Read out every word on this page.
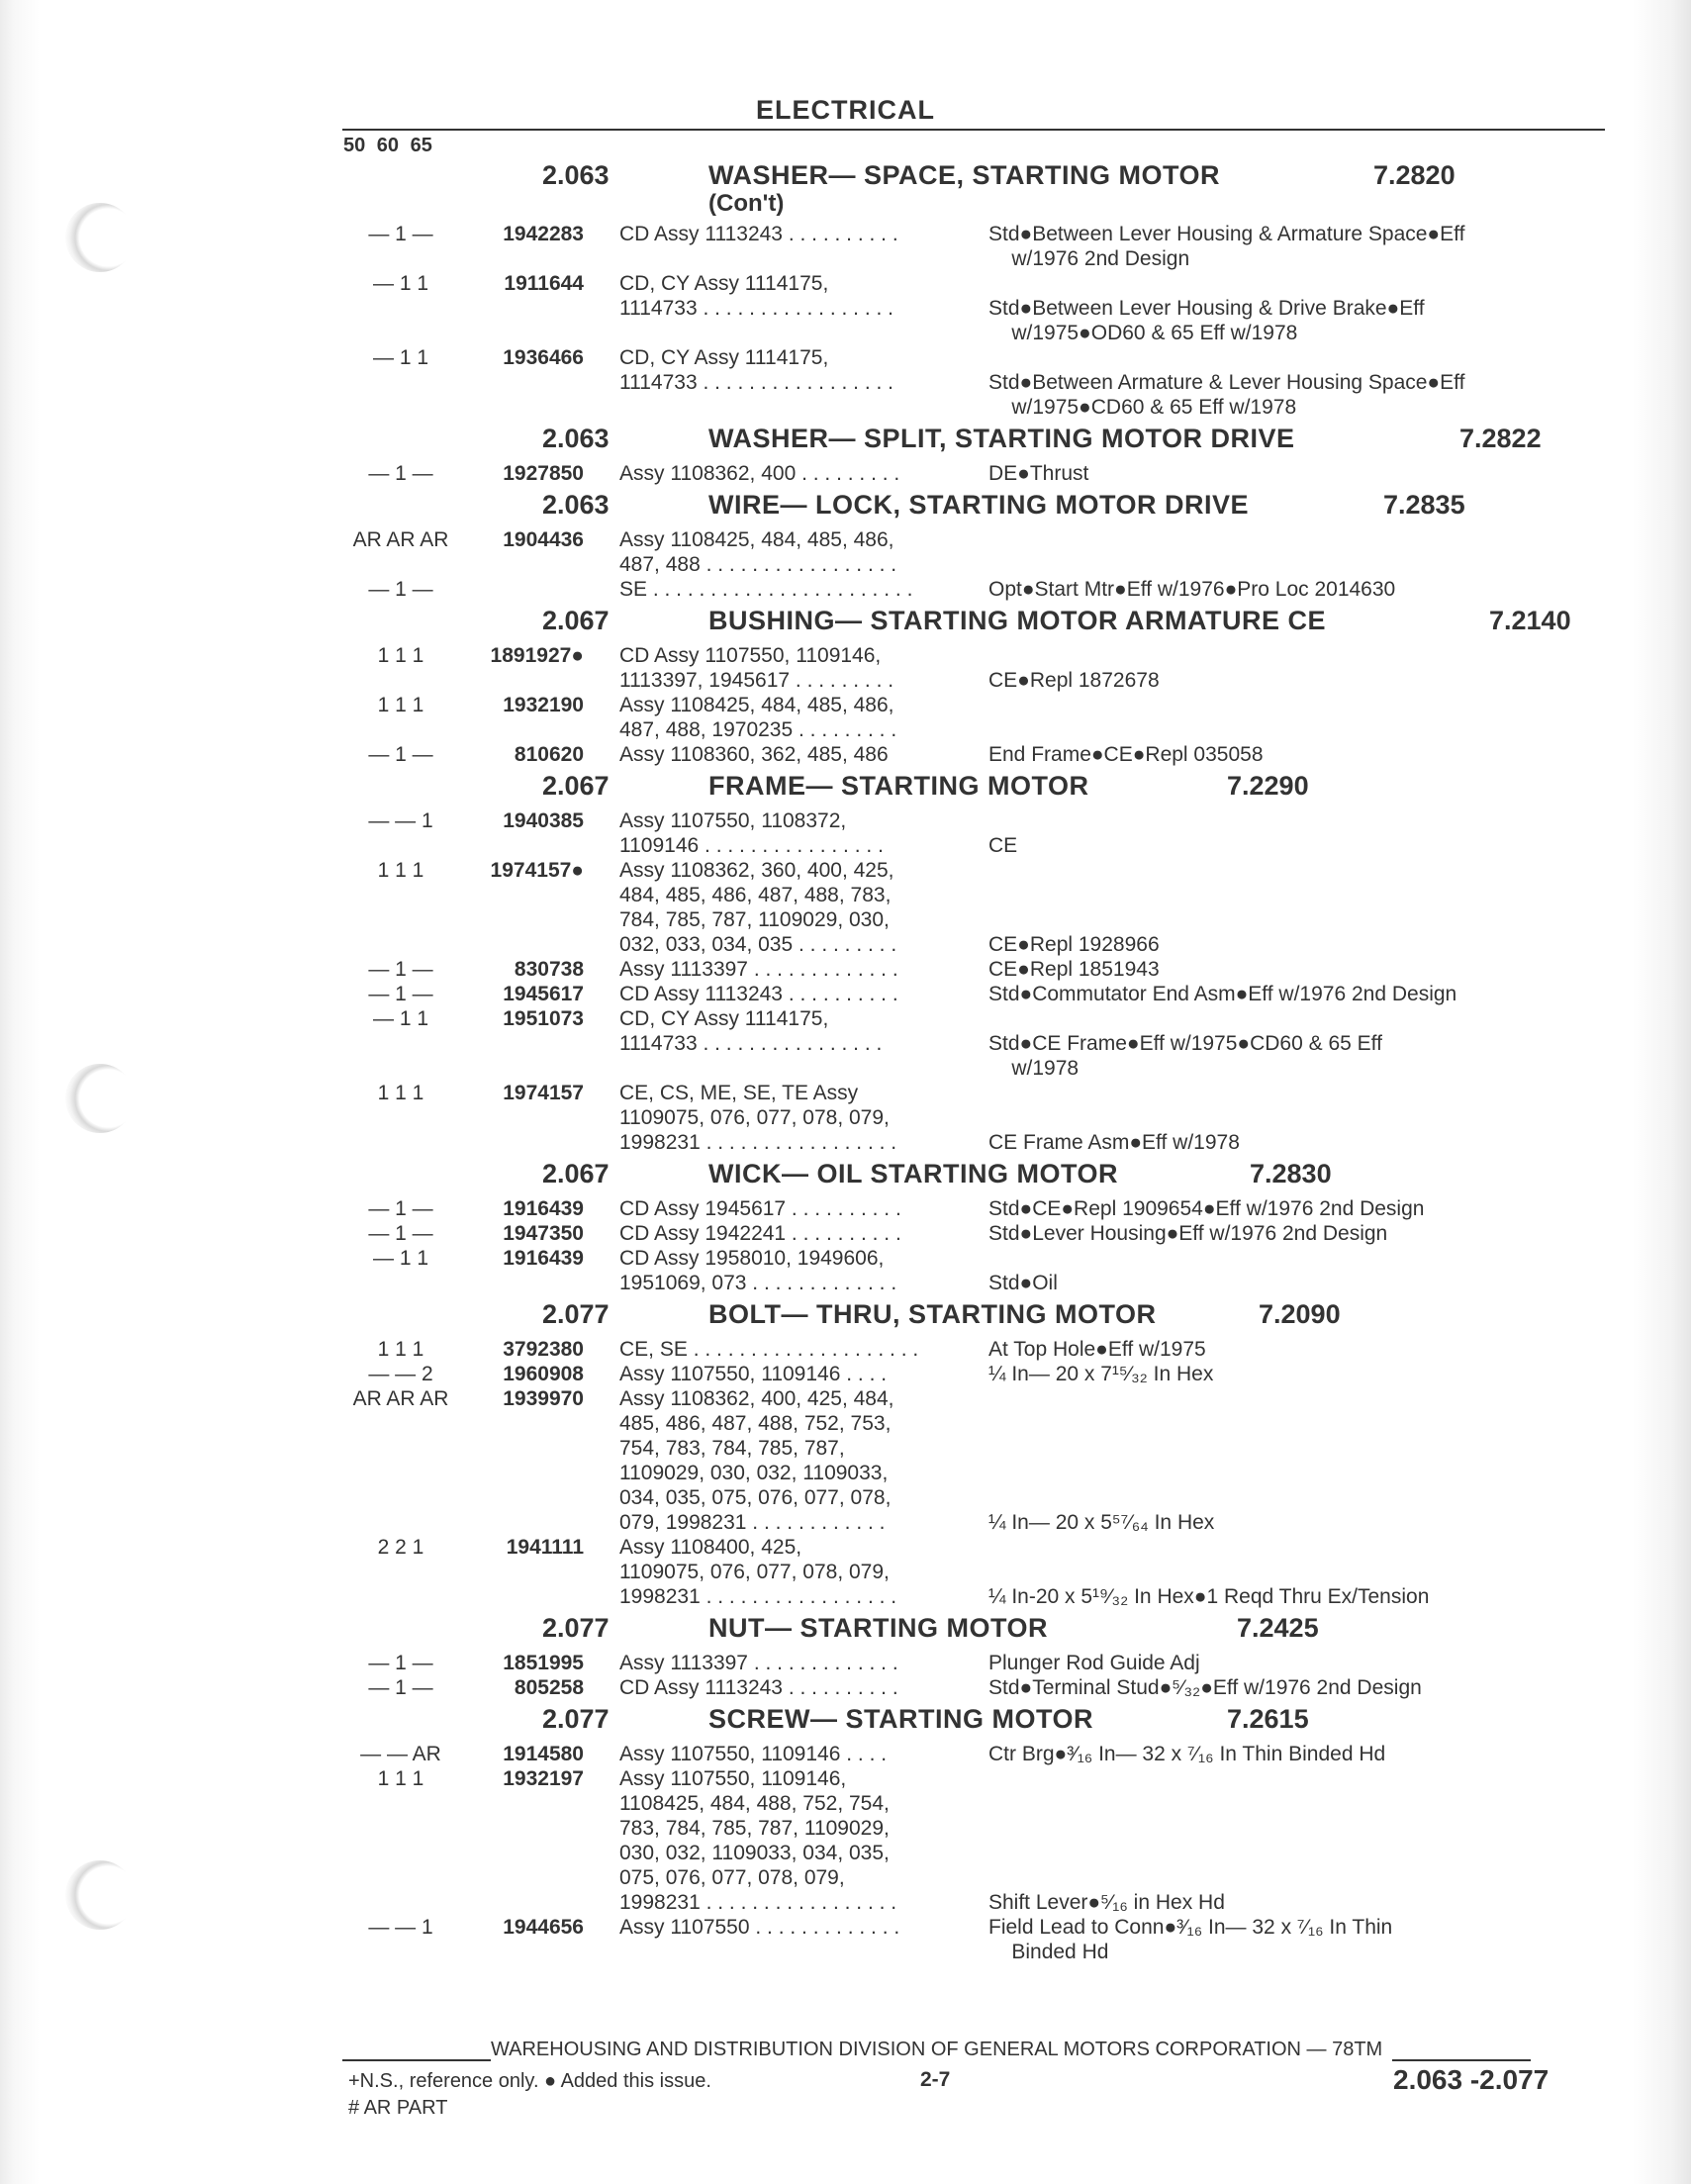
ELECTRICAL
50 60 65
2.063	WASHER— SPACE, STARTING MOTOR
(Con't)
7.2820
— 1 —	1942283	CD Assy 1113243 . . . . . . . . . .	Std●Between Lever Housing & Armature Space●Eff
w/1976 2nd Design
— 1 1	1911644	CD, CY Assy 1114175,
1114733 . . . . . . . . . . . . . . . . .	
Std●Between Lever Housing & Drive Brake●Eff
w/1975●OD60 & 65 Eff w/1978
— 1 1	1936466	CD, CY Assy 1114175,
1114733 . . . . . . . . . . . . . . . . .	
Std●Between Armature & Lever Housing Space●Eff
w/1975●CD60 & 65 Eff w/1978
2.063	WASHER— SPLIT, STARTING MOTOR DRIVE	7.2822
— 1 —	1927850	Assy 1108362, 400 . . . . . . . . .	DE●Thrust
2.063	WIRE— LOCK, STARTING MOTOR DRIVE	7.2835
AR AR AR	1904436	Assy 1108425, 484, 485, 486,
487, 488 . . . . . . . . . . . . . . . . .
— 1 —	SE . . . . . . . . . . . . . . . . . . . . . . .	Opt●Start Mtr●Eff w/1976●Pro Loc 2014630
2.067	BUSHING— STARTING MOTOR ARMATURE CE	7.2140
1 1 1	1891927●	CD Assy 1107550, 1109146,
1113397, 1945617 . . . . . . . . .	
CE●Repl 1872678
1 1 1	1932190	Assy 1108425, 484, 485, 486,
487, 488, 1970235 . . . . . . . . .
— 1 —	810620	Assy 1108360, 362, 485, 486	End Frame●CE●Repl 035058
2.067	FRAME— STARTING MOTOR	7.2290
— — 1	1940385	Assy 1107550, 1108372,
1109146 . . . . . . . . . . . . . . . .	
CE
1 1 1	1974157●	Assy 1108362, 360, 400, 425,
484, 485, 486, 487, 488, 783,
784, 785, 787, 1109029, 030,
032, 033, 034, 035 . . . . . . . . .	

CE●Repl 1928966
— 1 —	830738	Assy 1113397 . . . . . . . . . . . . .	CE●Repl 1851943
— 1 —	1945617	CD Assy 1113243 . . . . . . . . . .	Std●Commutator End Asm●Eff w/1976 2nd Design
— 1 1	1951073	CD, CY Assy 1114175,
1114733 . . . . . . . . . . . . . . . .	
Std●CE Frame●Eff w/1975●CD60 & 65 Eff
w/1978
1 1 1	1974157	CE, CS, ME, SE, TE Assy
1109075, 076, 077, 078, 079,
1998231 . . . . . . . . . . . . . . . . .	

CE Frame Asm●Eff w/1978
2.067	WICK— OIL STARTING MOTOR	7.2830
— 1 —	1916439	CD Assy 1945617 . . . . . . . . . .	Std●CE●Repl 1909654●Eff w/1976 2nd Design
— 1 —	1947350	CD Assy 1942241 . . . . . . . . . .	Std●Lever Housing●Eff w/1976 2nd Design
— 1 1	1916439	CD Assy 1958010, 1949606,
1951069, 073 . . . . . . . . . . . . .	
Std●Oil
2.077	BOLT— THRU, STARTING MOTOR	7.2090
1 1 1	3792380	CE, SE . . . . . . . . . . . . . . . . . . . .	At Top Hole●Eff w/1975
— — 2	1960908	Assy 1107550, 1109146 . . . .	¼ In— 20 x 7¹⁵⁄₃₂ In Hex
AR AR AR	1939970	Assy 1108362, 400, 425, 484,
485, 486, 487, 488, 752, 753,
754, 783, 784, 785, 787,
1109029, 030, 032, 1109033,
034, 035, 075, 076, 077, 078,
079, 1998231 . . . . . . . . . . . .	

¼ In— 20 x 5⁵⁷⁄₆₄ In Hex
2 2 1	1941111	Assy 1108400, 425,
1109075, 076, 077, 078, 079,
1998231 . . . . . . . . . . . . . . . . .	

¼ In-20 x 5¹⁹⁄₃₂ In Hex●1 Reqd Thru Ex/Tension
2.077	NUT— STARTING MOTOR	7.2425
— 1 —	1851995	Assy 1113397 . . . . . . . . . . . . .	Plunger Rod Guide Adj
— 1 —	805258	CD Assy 1113243 . . . . . . . . . .	Std●Terminal Stud●⁵⁄₃₂●Eff w/1976 2nd Design
2.077	SCREW— STARTING MOTOR	7.2615
— — AR	1914580	Assy 1107550, 1109146 . . . .	Ctr Brg●³⁄₁₆ In— 32 x ⁷⁄₁₆ In Thin Binded Hd
1 1 1	1932197	Assy 1107550, 1109146,
1108425, 484, 488, 752, 754,
783, 784, 785, 787, 1109029,
030, 032, 1109033, 034, 035,
075, 076, 077, 078, 079,
1998231 . . . . . . . . . . . . . . . . .	

Shift Lever●⁵⁄₁₆ in Hex Hd
— — 1	1944656	Assy 1107550 . . . . . . . . . . . . .	Field Lead to Conn●³⁄₁₆ In— 32 x ⁷⁄₁₆ In Thin
Binded Hd
WAREHOUSING AND DISTRIBUTION DIVISION OF GENERAL MOTORS CORPORATION — 78TM
+N.S., reference only. ● Added this issue.
# AR PART
2-7	2.063 -2.077
